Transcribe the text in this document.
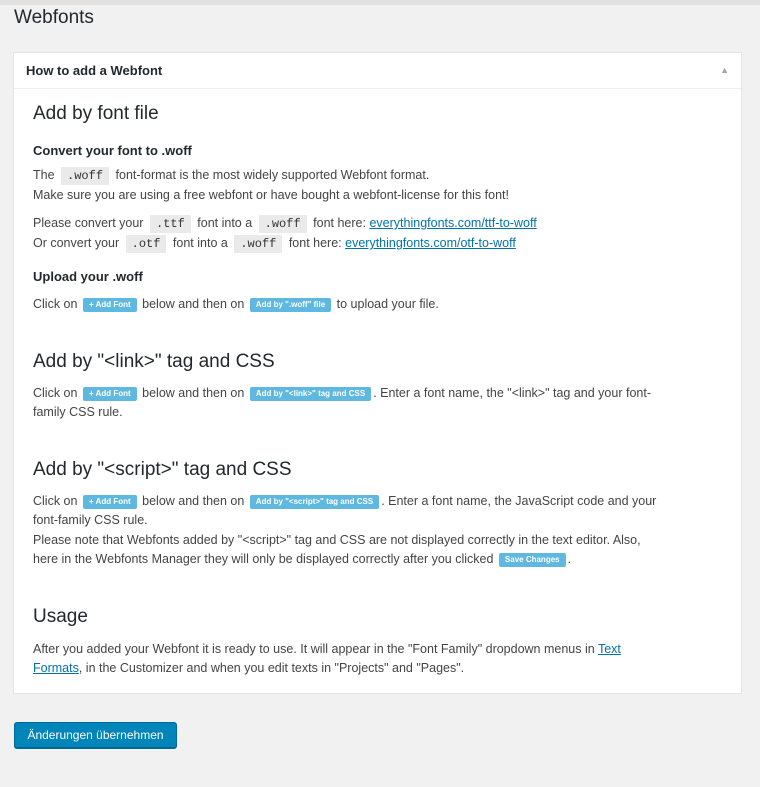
Webfonts
How to add a Webfont	▲
Add by font file
Convert your font to .woff
The .woff font-format is the most widely supported Webfont format.
Make sure you are using a free webfont or have bought a webfont-license for this font!
Please convert your .ttf font into a .woff font here: everythingfonts.com/ttf-to-woff
Or convert your .otf font into a .woff font here: everythingfonts.com/otf-to-woff
Upload your .woff
Click on + Add Font below and then on Add by ".woff" file to upload your file.
Add by "<link>" tag and CSS
Click on + Add Font below and then on Add by "<link>" tag and CSS . Enter a font name, the "<link>" tag and your font-
family CSS rule.
Add by "<script>" tag and CSS
Click on + Add Font below and then on Add by "<script>" tag and CSS . Enter a font name, the JavaScript code and your
font-family CSS rule.
Please note that Webfonts added by "<script>" tag and CSS are not displayed correctly in the text editor. Also,
here in the Webfonts Manager they will only be displayed correctly after you clicked Save Changes .
Usage
After you added your Webfont it is ready to use. It will appear in the "Font Family" dropdown menus in Text
Formats, in the Customizer and when you edit texts in "Projects" and "Pages".
Änderungen übernehmen
